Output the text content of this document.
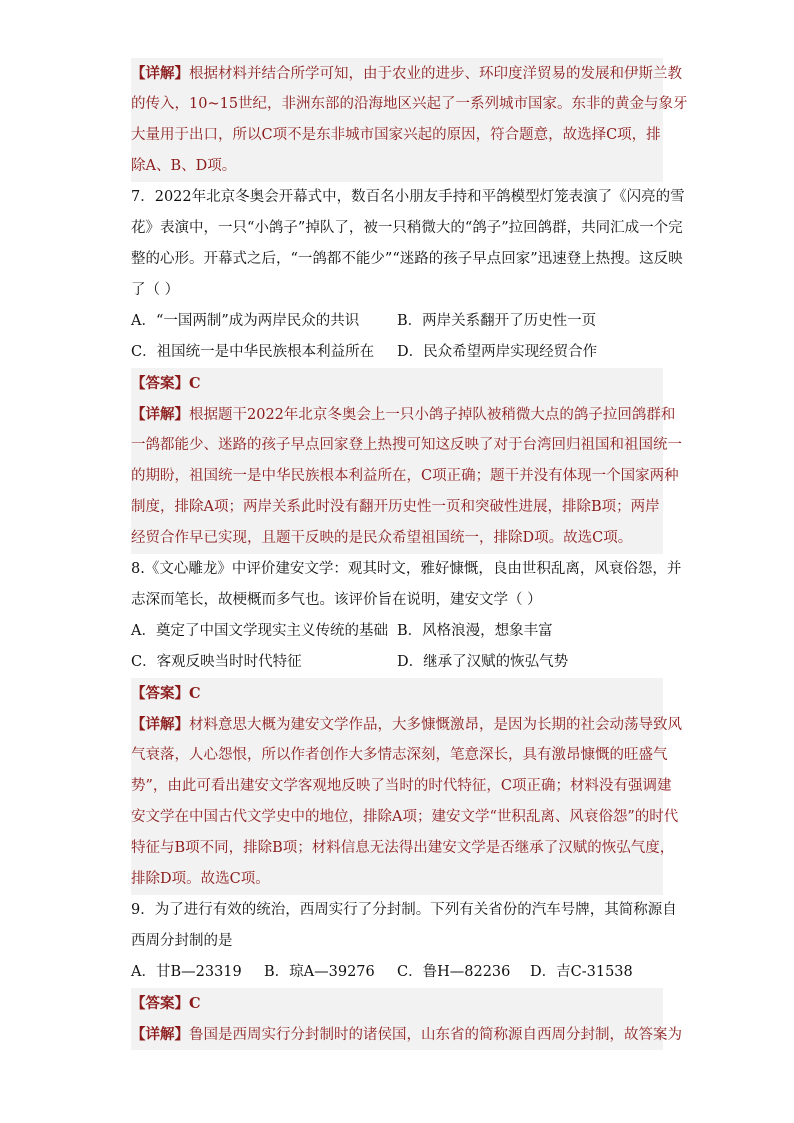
【详解】根据材料并结合所学可知，由于农业的进步、环印度洋贸易的发展和伊斯兰教
的传入，10~15世纪，非洲东部的沿海地区兴起了一系列城市国家。东非的黄金与象牙
大量用于出口，所以C项不是东非城市国家兴起的原因，符合题意，故选择C项，排
除A、B、D项。
7．2022年北京冬奥会开幕式中，数百名小朋友手持和平鸽模型灯笼表演了《闪亮的雪
花》表演中，一只“小鸽子”掉队了，被一只稍微大的“鸽子”拉回鸽群，共同汇成一个完
整的心形。开幕式之后，“一鸽都不能少”“迷路的孩子早点回家”迅速登上热搜。这反映
了（ ）
A．“一国两制”成为两岸民众的共识	B．两岸关系翻开了历史性一页
C．祖国统一是中华民族根本利益所在	D．民众希望两岸实现经贸合作
【答案】C
【详解】根据题干2022年北京冬奥会上一只小鸽子掉队被稍微大点的鸽子拉回鸽群和
一鸽都能少、迷路的孩子早点回家登上热搜可知这反映了对于台湾回归祖国和祖国统一
的期盼，祖国统一是中华民族根本利益所在，C项正确；题干并没有体现一个国家两种
制度，排除A项；两岸关系此时没有翻开历史性一页和突破性进展，排除B项；两岸
经贸合作早已实现，且题干反映的是民众希望祖国统一，排除D项。故选C项。
8.《文心雕龙》中评价建安文学：观其时文，雅好慷慨，良由世积乱离，风衰俗怨，并
志深而笔长，故梗概而多气也。该评价旨在说明，建安文学（ ）
A．奠定了中国文学现实主义传统的基础 B．风格浪漫，想象丰富
C．客观反映当时时代特征	D．继承了汉赋的恢弘气势
【答案】C
【详解】材料意思大概为建安文学作品，大多慷慨激昂，是因为长期的社会动荡导致风
气衰落，人心怨恨，所以作者创作大多情志深刻，笔意深长，具有激昂慷慨的旺盛气
势”，由此可看出建安文学客观地反映了当时的时代特征，C项正确；材料没有强调建
安文学在中国古代文学史中的地位，排除A项；建安文学“世积乱离、风衰俗怨”的时代
特征与B项不同，排除B项；材料信息无法得出建安文学是否继承了汉赋的恢弘气度，
排除D项。故选C项。
9．为了进行有效的统治，西周实行了分封制。下列有关省份的汽车号牌，其简称源自
西周分封制的是
A．甘B—23319	B．琼A—39276	C．鲁H—82236	D．吉C-31538
【答案】C
【详解】鲁国是西周实行分封制时的诸侯国，山东省的简称源自西周分封制，故答案为
